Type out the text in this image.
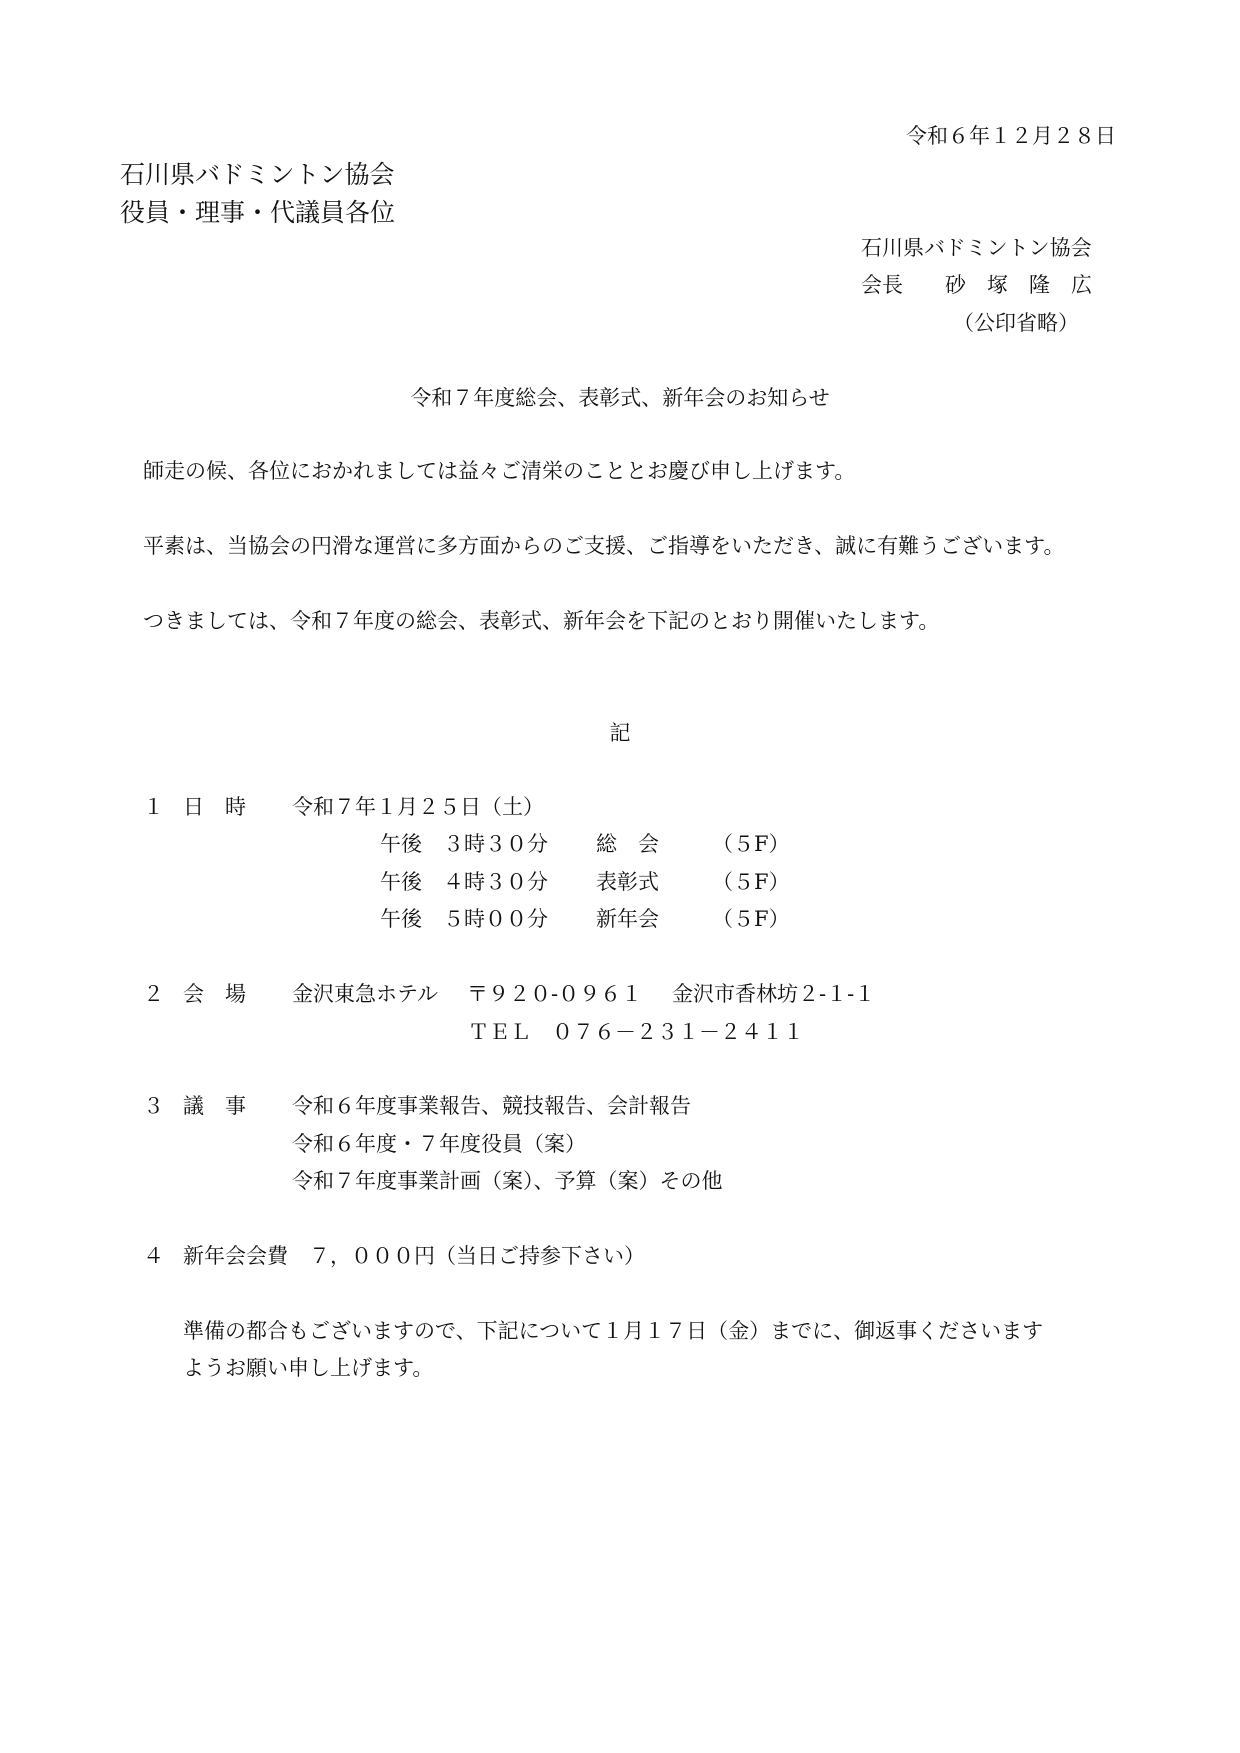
令和６年１２月２８日
石川県バドミントン協会
役員・理事・代議員各位
石川県バドミントン協会
会長 砂　塚　隆　広
（公印省略）
令和７年度総会、表彰式、新年会のお知らせ
師走の候、各位におかれましては益々ご清栄のこととお慶び申し上げます。
平素は、当協会の円滑な運営に多方面からのご支援、ご指導をいただき、誠に有難うございます。
つきましては、令和７年度の総会、表彰式、新年会を下記のとおり開催いたします。
記
１ 日　時 令和７年１月２５日（土）
午後　３時３０分 総　会	（５F）
午後　４時３０分 表彰式	（５F）
午後　５時００分 新年会	（５F）
２ 会　場 金沢東急ホテル 〒９２０-０９６１ 金沢市香林坊２-１-１
ＴＥＬ　０７６－２３１－２４１１
３ 議　事 令和６年度事業報告、競技報告、会計報告
令和６年度・７年度役員（案）
令和７年度事業計画（案）、予算（案）その他
４ 新年会会費　７，０００円（当日ご持参下さい）
準備の都合もございますので、下記について１月１７日（金）までに、御返事くださいます
ようお願い申し上げます。
